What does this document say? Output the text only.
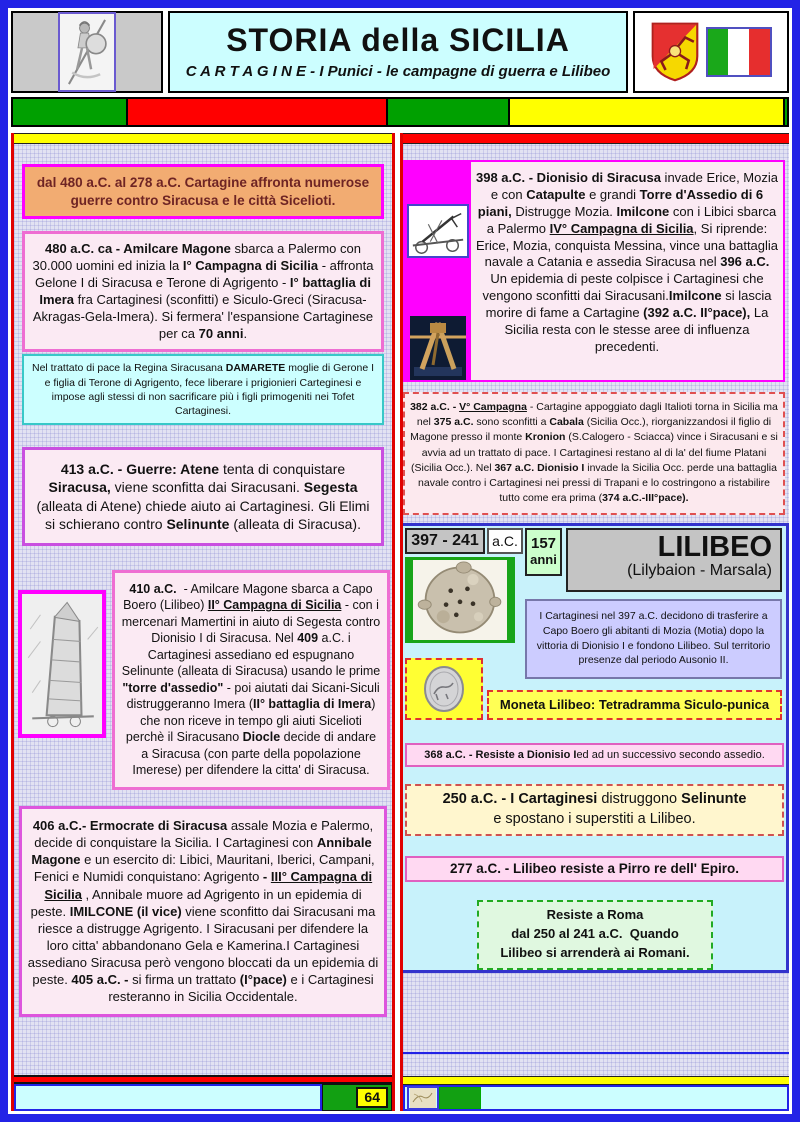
STORIA della SICILIA
C A R T A G I N E - I Punici - le campagne di guerra e Lilibeo
dal 480 a.C. al 278 a.C. Cartagine affronta numerose guerre contro Siracusa e le città Sicelioti.
480 a.C. ca - Amilcare Magone sbarca a Palermo con 30.000 uomini ed inizia la I° Campagna di Sicilia - affronta Gelone I di Siracusa e Terone di Agrigento - I° battaglia di Imera fra Cartaginesi (sconfitti) e Siculo-Greci (Siracusa-Akragas-Gela-Imera). Si fermera' l'espansione Cartaginese per ca 70 anni.
Nel trattato di pace la Regina Siracusana DAMARETE moglie di Gerone I e figlia di Terone di Agrigento, fece liberare i prigionieri Carteginesi e impose agli stessi di non sacrificare più i figli primogeniti nei Tofet Cartaginesi.
413 a.C. - Guerre: Atene tenta di conquistare Siracusa, viene sconfitta dai Siracusani. Segesta (alleata di Atene) chiede aiuto ai Cartaginesi. Gli Elimi si schierano contro Selinunte (alleata di Siracusa).
410 a.C.  - Amilcare Magone sbarca a Capo Boero (Lilibeo) II° Campagna di Sicilia - con i mercenari Mamertini in aiuto di Segesta contro Dionisio I di Siracusa. Nel 409 a.C. i Cartaginesi assediano ed espugnano Selinunte (alleata di Siracusa) usando le prime "torre d'assedio" - poi aiutati dai Sicani-Siculi distruggeranno Imera (II° battaglia di Imera) che non riceve in tempo gli aiuti Sicelioti perchè il Siracusano Diocle decide di andare a Siracusa (con parte della popolazione Imerese) per difendere la citta' di Siracusa.
406 a.C.- Ermocrate di Siracusa assale Mozia e Palermo, decide di conquistare la Sicilia. I Cartaginesi con Annibale Magone e un esercito di: Libici, Mauritani, Iberici, Campani, Fenici e Numidi conquistano: Agrigento - III° Campagna di Sicilia , Annibale muore ad Agrigento in un epidemia di peste. IMILCONE (il vice) viene sconfitto dai Siracusani ma riesce a distrugge Agrigento. I Siracusani per difendere la loro citta' abbandonano Gela e Kamerina.I Cartaginesi assediano Siracusa però vengono bloccati da un epidemia di peste. 405 a.C. - si firma un trattato (I°pace) e i Cartaginesi resteranno in Sicilia Occidentale.
64
398 a.C. - Dionisio di Siracusa invade Erice, Mozia e con Catapulte e grandi Torre d'Assedio di 6 piani, Distrugge Mozia. Imilcone con i Libici sbarca a Palermo IV° Campagna di Sicilia, Si riprende: Erice, Mozia, conquista Messina, vince una battaglia navale a Catania e assedia Siracusa nel 396 a.C. Un epidemia di peste colpisce i Cartaginesi che vengono sconfitti dai Siracusani.Imilcone si lascia morire di fame a Cartagine (392 a.C. II°pace), La Sicilia resta con le stesse aree di influenza precedenti.
382 a.C. - V° Campagna - Cartagine appoggiato dagli Italioti torna in Sicilia ma nel 375 a.C. sono sconfitti a Cabala (Sicilia Occ.), riorganizzandosi il figlio di Magone presso il monte Kronion (S.Calogero - Sciacca) vince i Siracusani e si avvia ad un trattato di pace. I Cartaginesi restano al di la' del fiume Platani (Sicilia Occ.). Nel 367 a.C. Dionisio I invade la Sicilia Occ. perde una battaglia navale contro i Cartaginesi nei pressi di Trapani e lo costringono a ristabilire tutto come era prima (374 a.C.-III°pace).
397 - 241 a.C. 157
anni	LILIBEO
(Lilybaion - Marsala)
I Cartaginesi nel 397 a.C. decidono di trasferire a Capo Boero gli abitanti di Mozia (Motia) dopo la vittoria di Dionisio I e fondono Lilibeo. Sul territorio presenze dal periodo Ausonio II.
Moneta Lilibeo: Tetradramma Siculo-punica
368 a.C. - Resiste a Dionisio I ed ad un successivo secondo assedio.
250 a.C. - I Cartaginesi distruggono Selinunte
e spostano i superstiti a Lilibeo.
277 a.C. - Lilibeo resiste a Pirro re dell' Epiro.
Resiste a Roma
dal 250 al 241 a.C.  Quando
Lilibeo si arrenderà ai Romani.
